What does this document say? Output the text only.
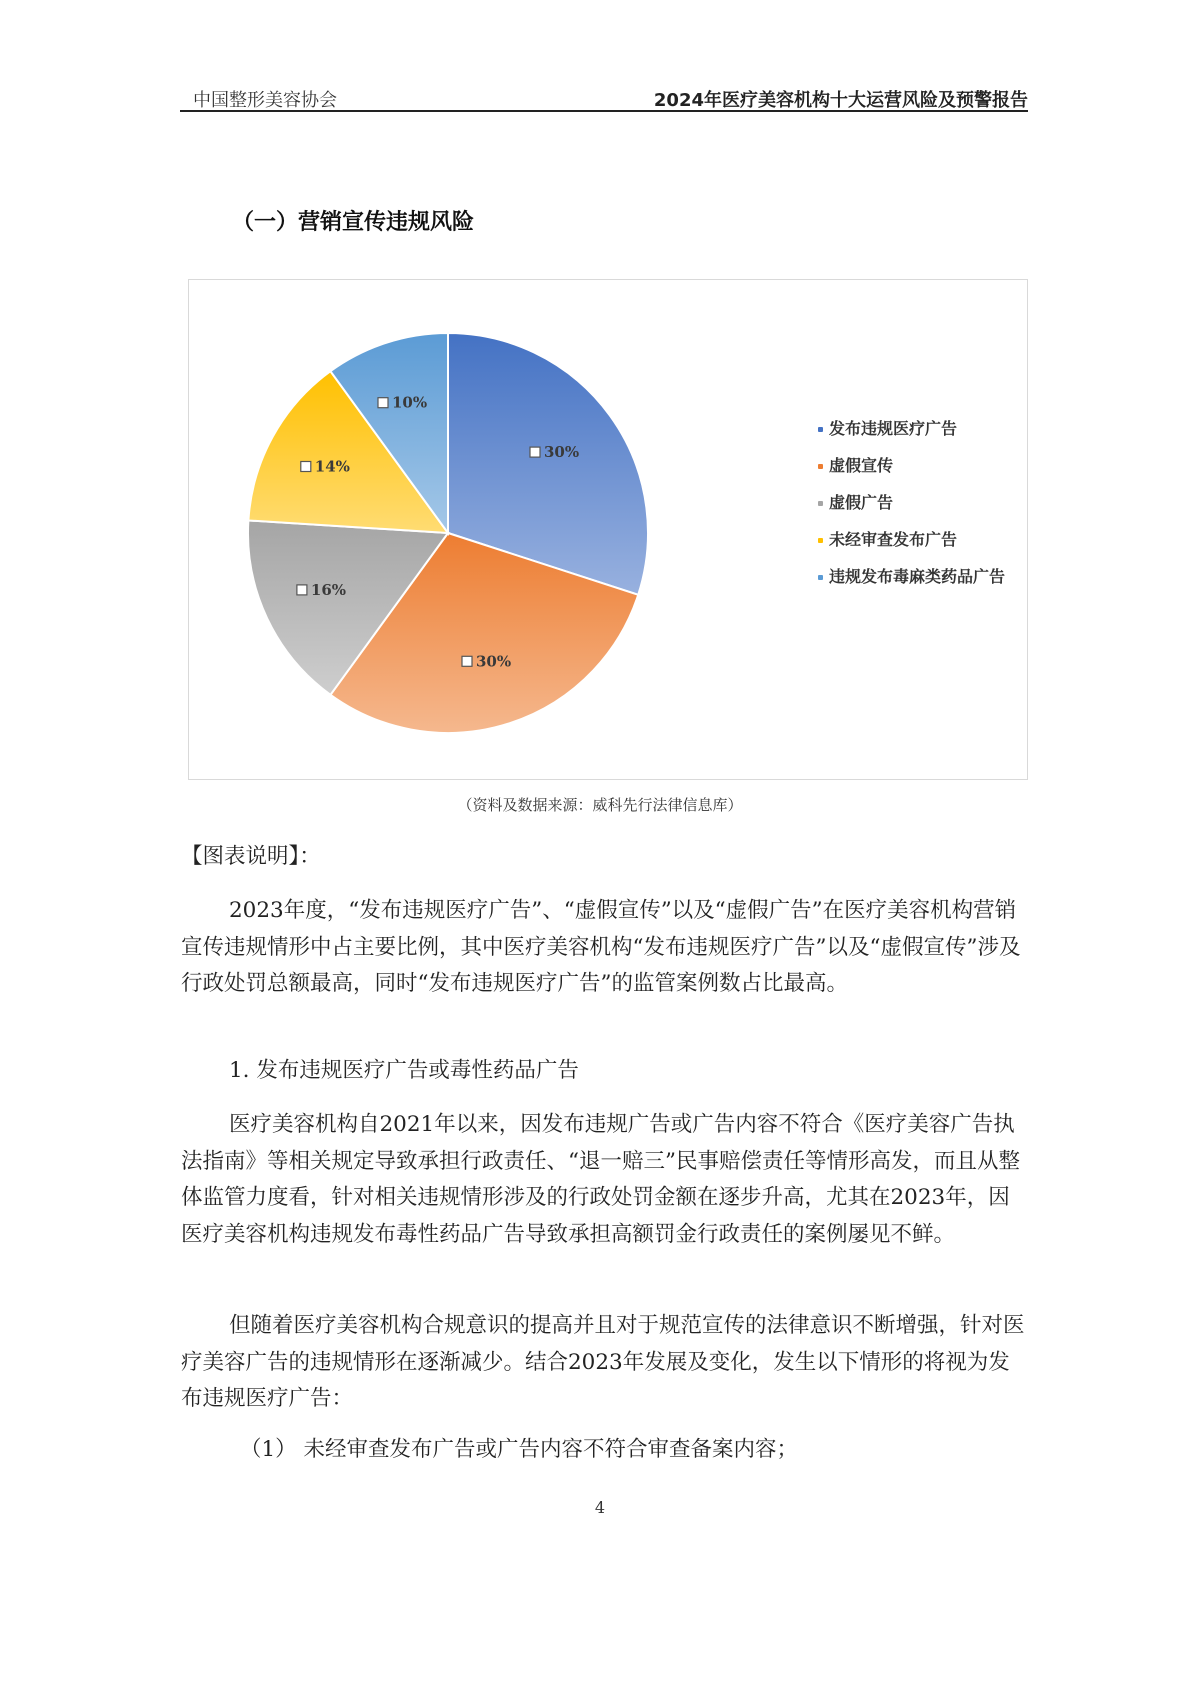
中国整形美容协会	2024年医疗美容机构十大运营风险及预警报告
（一）营销宣传违规风险
30%
30%
16%
14%
10%
发布违规医疗广告
虚假宣传
虚假广告
未经审查发布广告
违规发布毒麻类药品广告
（资料及数据来源：威科先行法律信息库）
【图表说明】：
2023年度，“发布违规医疗广告”、“虚假宣传”以及“虚假广告”在医疗美容机构营销宣传违规情形中占主要比例，其中医疗美容机构“发布违规医疗广告”以及“虚假宣传”涉及行政处罚总额最高，同时“发布违规医疗广告”的监管案例数占比最高。
1. 发布违规医疗广告或毒性药品广告
医疗美容机构自2021年以来，因发布违规广告或广告内容不符合《医疗美容广告执法指南》等相关规定导致承担行政责任、“退一赔三”民事赔偿责任等情形高发，而且从整体监管力度看，针对相关违规情形涉及的行政处罚金额在逐步升高，尤其在2023年，因医疗美容机构违规发布毒性药品广告导致承担高额罚金行政责任的案例屡见不鲜。
但随着医疗美容机构合规意识的提高并且对于规范宣传的法律意识不断增强，针对医疗美容广告的违规情形在逐渐减少。结合2023年发展及变化，发生以下情形的将视为发布违规医疗广告：
（1） 未经审查发布广告或广告内容不符合审查备案内容；
4
